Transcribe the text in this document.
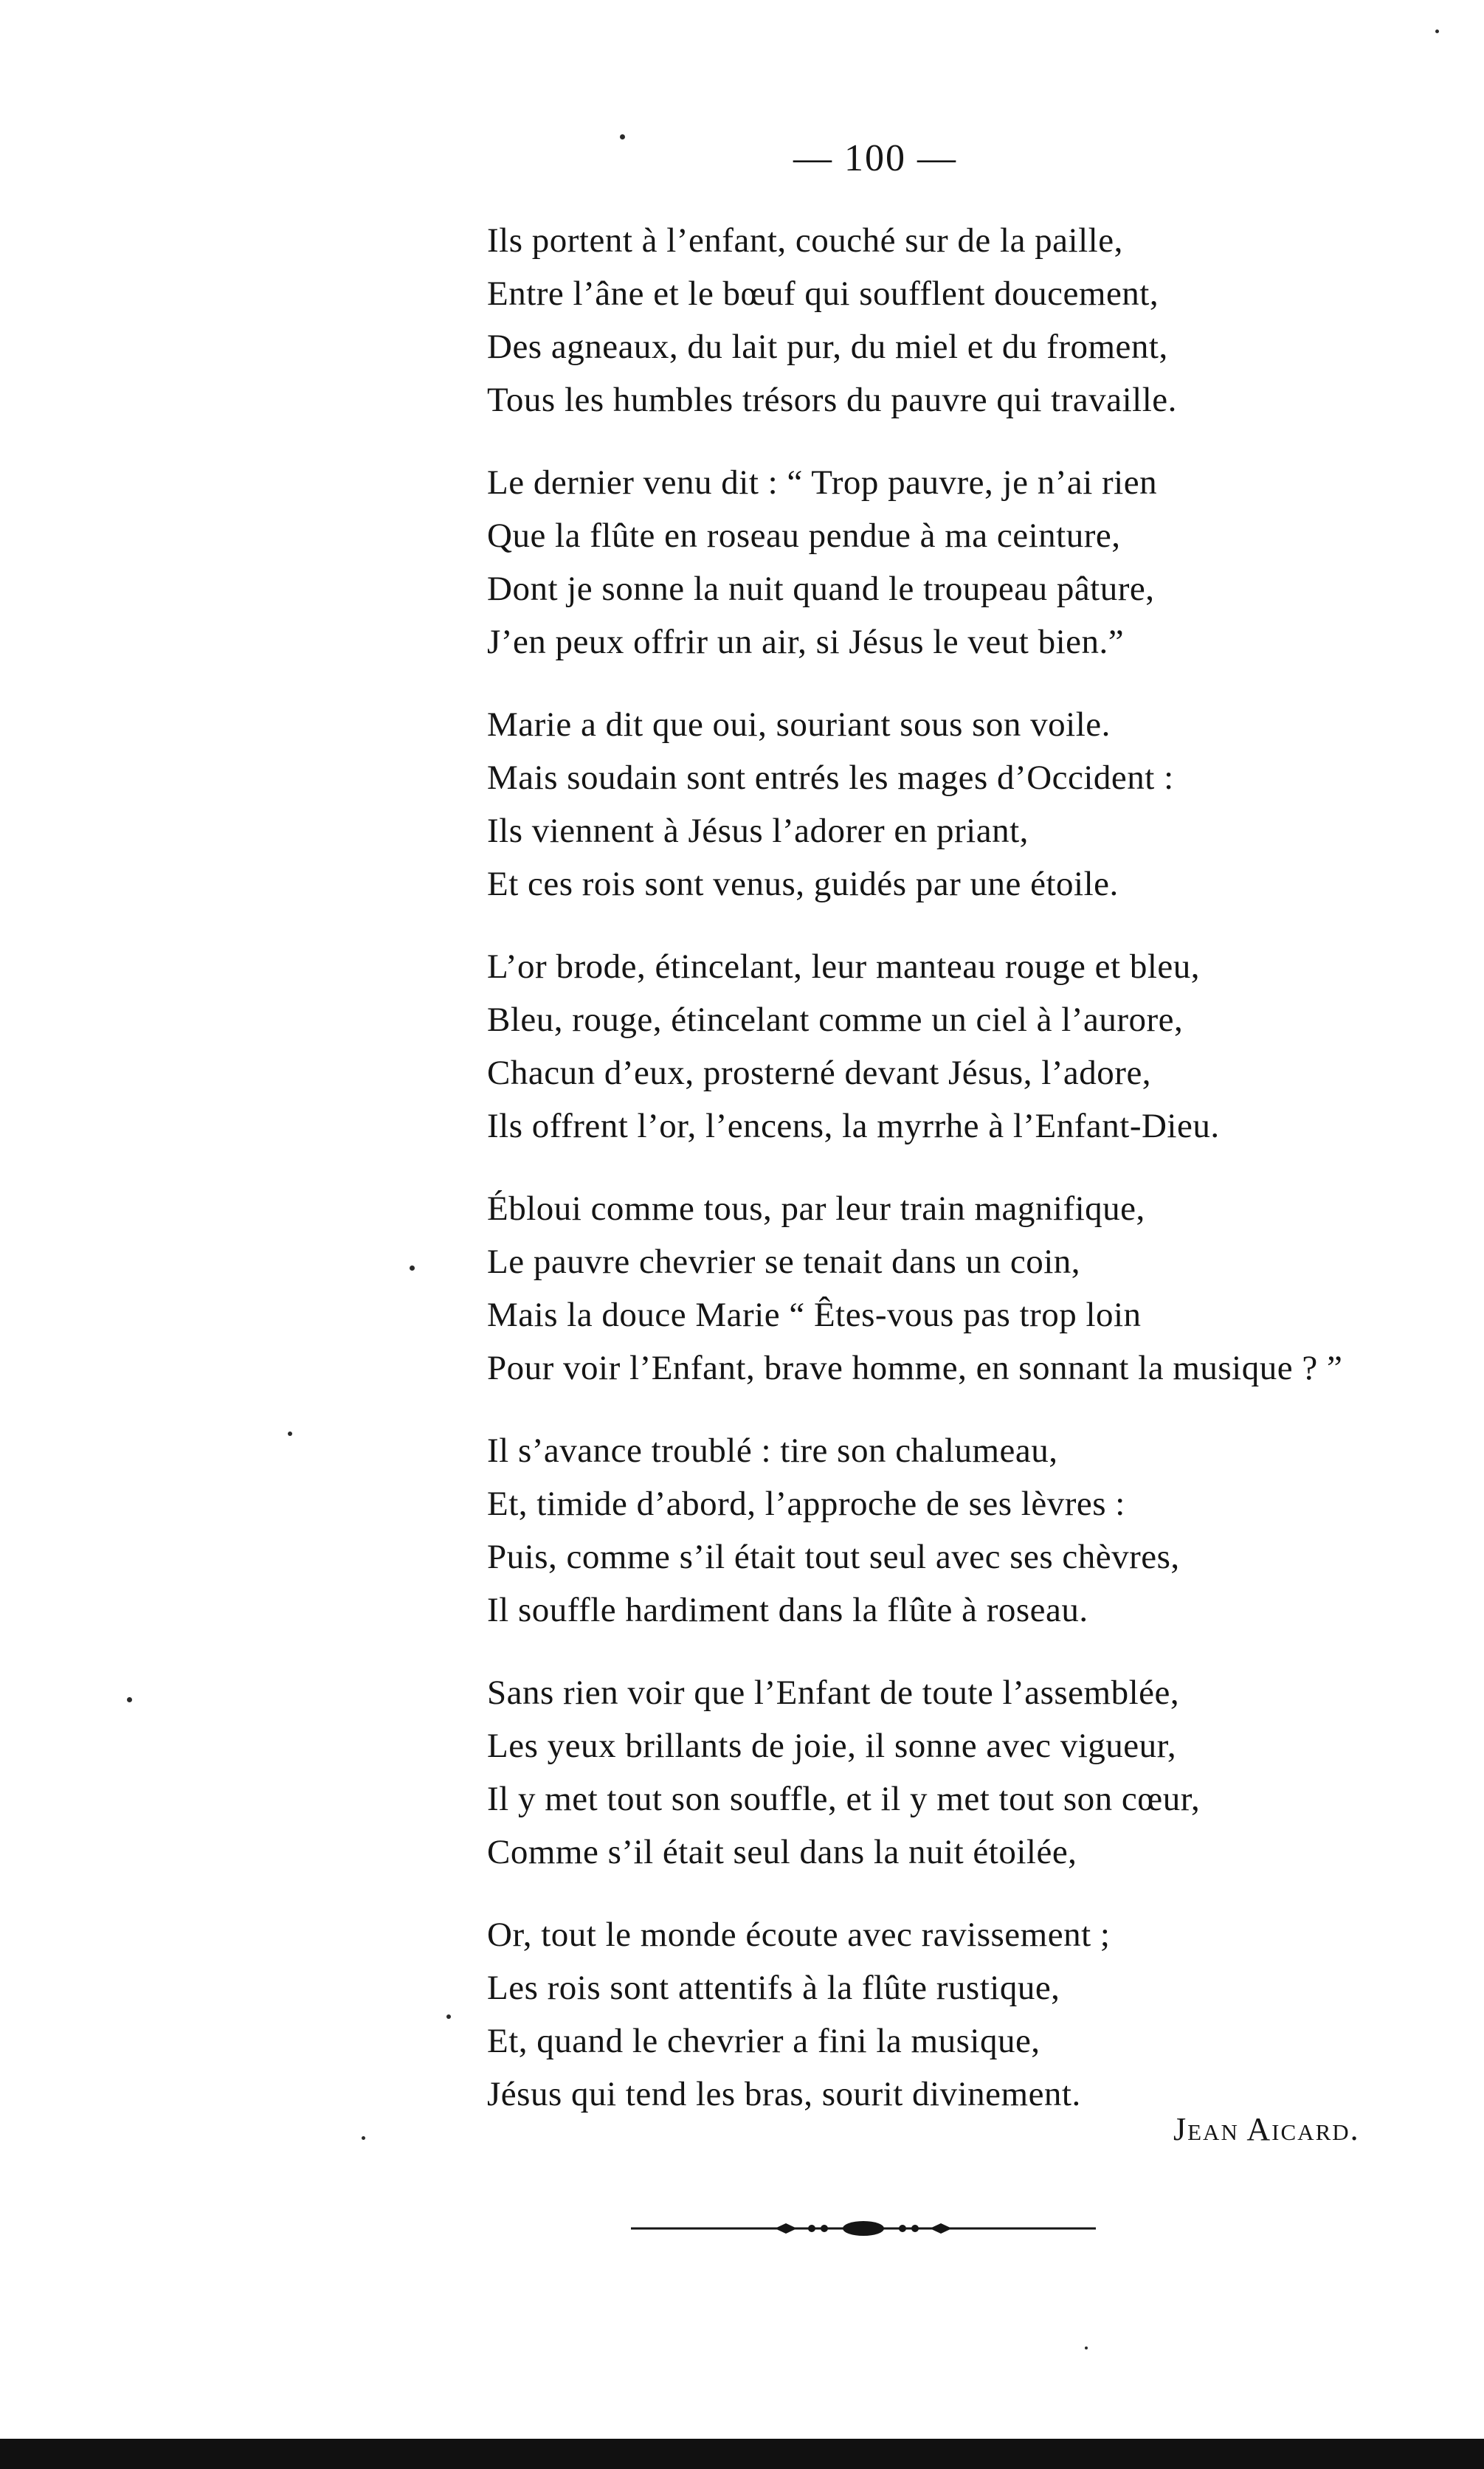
— 100 —
Ils portent à l’enfant, couché sur de la paille,
Entre l’âne et le bœuf qui soufflent doucement,
Des agneaux, du lait pur, du miel et du froment,
Tous les humbles trésors du pauvre qui travaille.
Le dernier venu dit : “ Trop pauvre, je n’ai rien
Que la flûte en roseau pendue à ma ceinture,
Dont je sonne la nuit quand le troupeau pâture,
J’en peux offrir un air, si Jésus le veut bien.”
Marie a dit que oui, souriant sous son voile.
Mais soudain sont entrés les mages d’Occident :
Ils viennent à Jésus l’adorer en priant,
Et ces rois sont venus, guidés par une étoile.
L’or brode, étincelant, leur manteau rouge et bleu,
Bleu, rouge, étincelant comme un ciel à l’aurore,
Chacun d’eux, prosterné devant Jésus, l’adore,
Ils offrent l’or, l’encens, la myrrhe à l’Enfant-Dieu.
Ébloui comme tous, par leur train magnifique,
Le pauvre chevrier se tenait dans un coin,
Mais la douce Marie “ Êtes-vous pas trop loin
Pour voir l’Enfant, brave homme, en sonnant la musique ? ”
Il s’avance troublé : tire son chalumeau,
Et, timide d’abord, l’approche de ses lèvres :
Puis, comme s’il était tout seul avec ses chèvres,
Il souffle hardiment dans la flûte à roseau.
Sans rien voir que l’Enfant de toute l’assemblée,
Les yeux brillants de joie, il sonne avec vigueur,
Il y met tout son souffle, et il y met tout son cœur,
Comme s’il était seul dans la nuit étoilée,
Or, tout le monde écoute avec ravissement ;
Les rois sont attentifs à la flûte rustique,
Et, quand le chevrier a fini la musique,
Jésus qui tend les bras, sourit divinement.
Jean Aicard.
